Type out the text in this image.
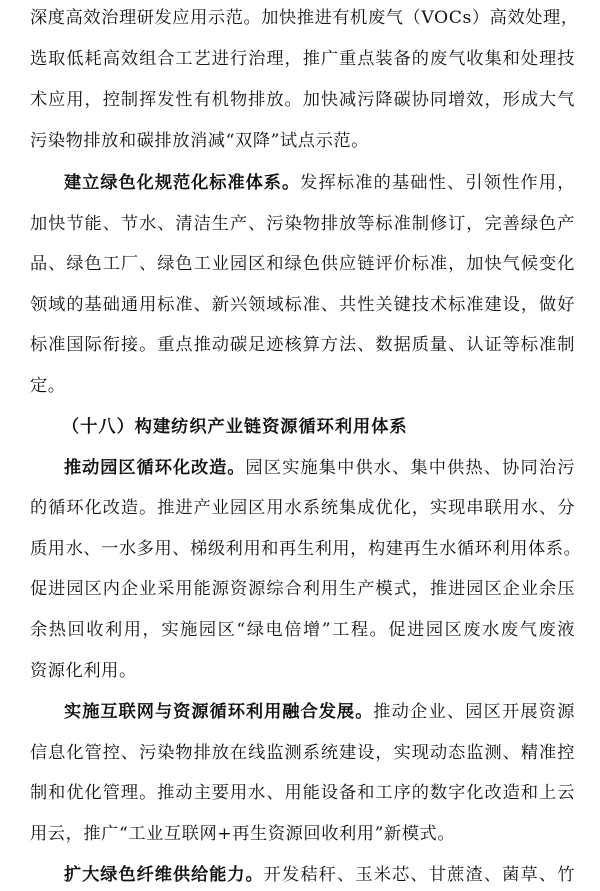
深度高效治理研发应用示范。加快推进有机废气（VOCs）高效处理，
选取低耗高效组合工艺进行治理，推广重点装备的废气收集和处理技
术应用，控制挥发性有机物排放。加快减污降碳协同增效，形成大气
污染物排放和碳排放消减“双降”试点示范。
建立绿色化规范化标准体系。发挥标准的基础性、引领性作用，
加快节能、节水、清洁生产、污染物排放等标准制修订，完善绿色产
品、绿色工厂、绿色工业园区和绿色供应链评价标准，加快气候变化
领域的基础通用标准、新兴领域标准、共性关键技术标准建设，做好
标准国际衔接。重点推动碳足迹核算方法、数据质量、认证等标准制
定。
（十八）构建纺织产业链资源循环利用体系
推动园区循环化改造。园区实施集中供水、集中供热、协同治污
的循环化改造。推进产业园区用水系统集成优化，实现串联用水、分
质用水、一水多用、梯级利用和再生利用，构建再生水循环利用体系。
促进园区内企业采用能源资源综合利用生产模式，推进园区企业余压
余热回收利用，实施园区“绿电倍增”工程。促进园区废水废气废液
资源化利用。
实施互联网与资源循环利用融合发展。推动企业、园区开展资源
信息化管控、污染物排放在线监测系统建设，实现动态监测、精准控
制和优化管理。推动主要用水、用能设备和工序的数字化改造和上云
用云，推广“工业互联网+再生资源回收利用”新模式。
扩大绿色纤维供给能力。开发秸秆、玉米芯、甘蔗渣、菌草、竹
